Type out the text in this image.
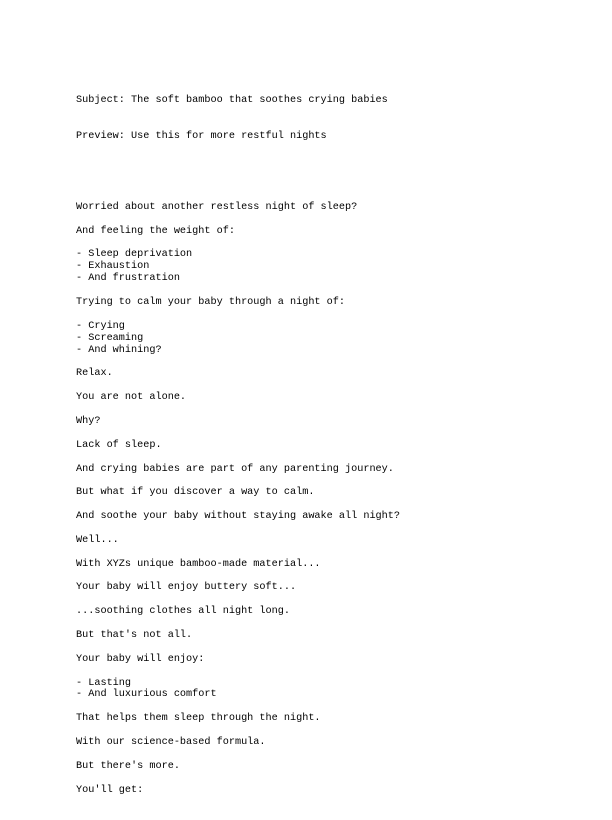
Subject: The soft bamboo that soothes crying babies

Preview: Use this for more restful nights

Worried about another restless night of sleep?
And feeling the weight of:
- Sleep deprivation
- Exhaustion
- And frustration
Trying to calm your baby through a night of:
- Crying
- Screaming
- And whining?
Relax.
You are not alone.
Why?
Lack of sleep.
And crying babies are part of any parenting journey.
But what if you discover a way to calm.
And soothe your baby without staying awake all night?
Well...
With XYZs unique bamboo-made material...
Your baby will enjoy buttery soft...
...soothing clothes all night long.
But that's not all.
Your baby will enjoy:
- Lasting
- And luxurious comfort
That helps them sleep through the night.
With our science-based formula.
But there's more.
You'll get:
